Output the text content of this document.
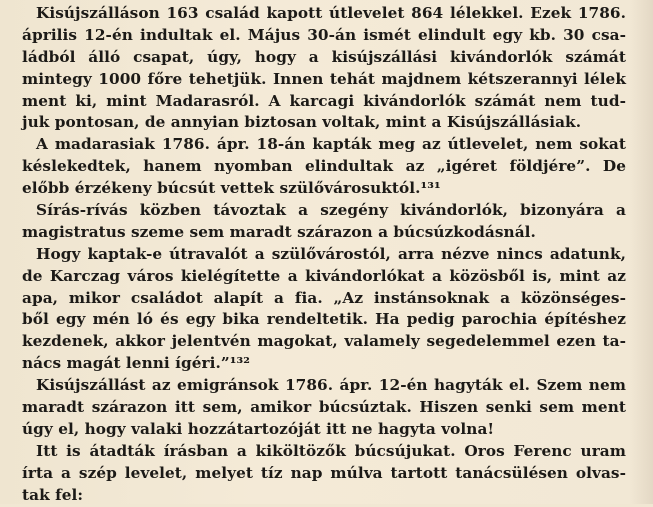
Kisújszálláson 163 család kapott útlevelet 864 lélekkel. Ezek 1786.
április 12-én indultak el. Május 30-án ismét elindult egy kb. 30 csa-
ládból álló csapat, úgy, hogy a kisújszállási kivándorlók számát
mintegy 1000 főre tehetjük. Innen tehát majdnem kétszerannyi lélek
ment ki, mint Madarasról. A karcagi kivándorlók számát nem tud-
juk pontosan, de annyian biztosan voltak, mint a Kisújszállásiak.
A madarasiak 1786. ápr. 18-án kapták meg az útlevelet, nem sokat
késlekedtek, hanem nyomban elindultak az „igéret földjére”. De
előbb érzékeny búcsút vettek szülővárosuktól.¹³¹
Sírás-rívás közben távoztak a szegény kivándorlók, bizonyára a
magistratus szeme sem maradt szárazon a búcsúzkodásnál.
Hogy kaptak-e útravalót a szülővárostól, arra nézve nincs adatunk,
de Karczag város kielégítette a kivándorlókat a közösből is, mint az
apa, mikor családot alapít a fia. „Az instánsoknak a közönséges-
ből egy mén ló és egy bika rendeltetik. Ha pedig parochia építéshez
kezdenek, akkor jelentvén magokat, valamely segedelemmel ezen ta-
nács magát lenni ígéri.”¹³²
Kisújszállást az emigránsok 1786. ápr. 12-én hagyták el. Szem nem
maradt szárazon itt sem, amikor búcsúztak. Hiszen senki sem ment
úgy el, hogy valaki hozzátartozóját itt ne hagyta volna!
Itt is átadták írásban a kiköltözők búcsújukat. Oros Ferenc uram
írta a szép levelet, melyet tíz nap múlva tartott tanácsülésen olvas-
tak fel:
